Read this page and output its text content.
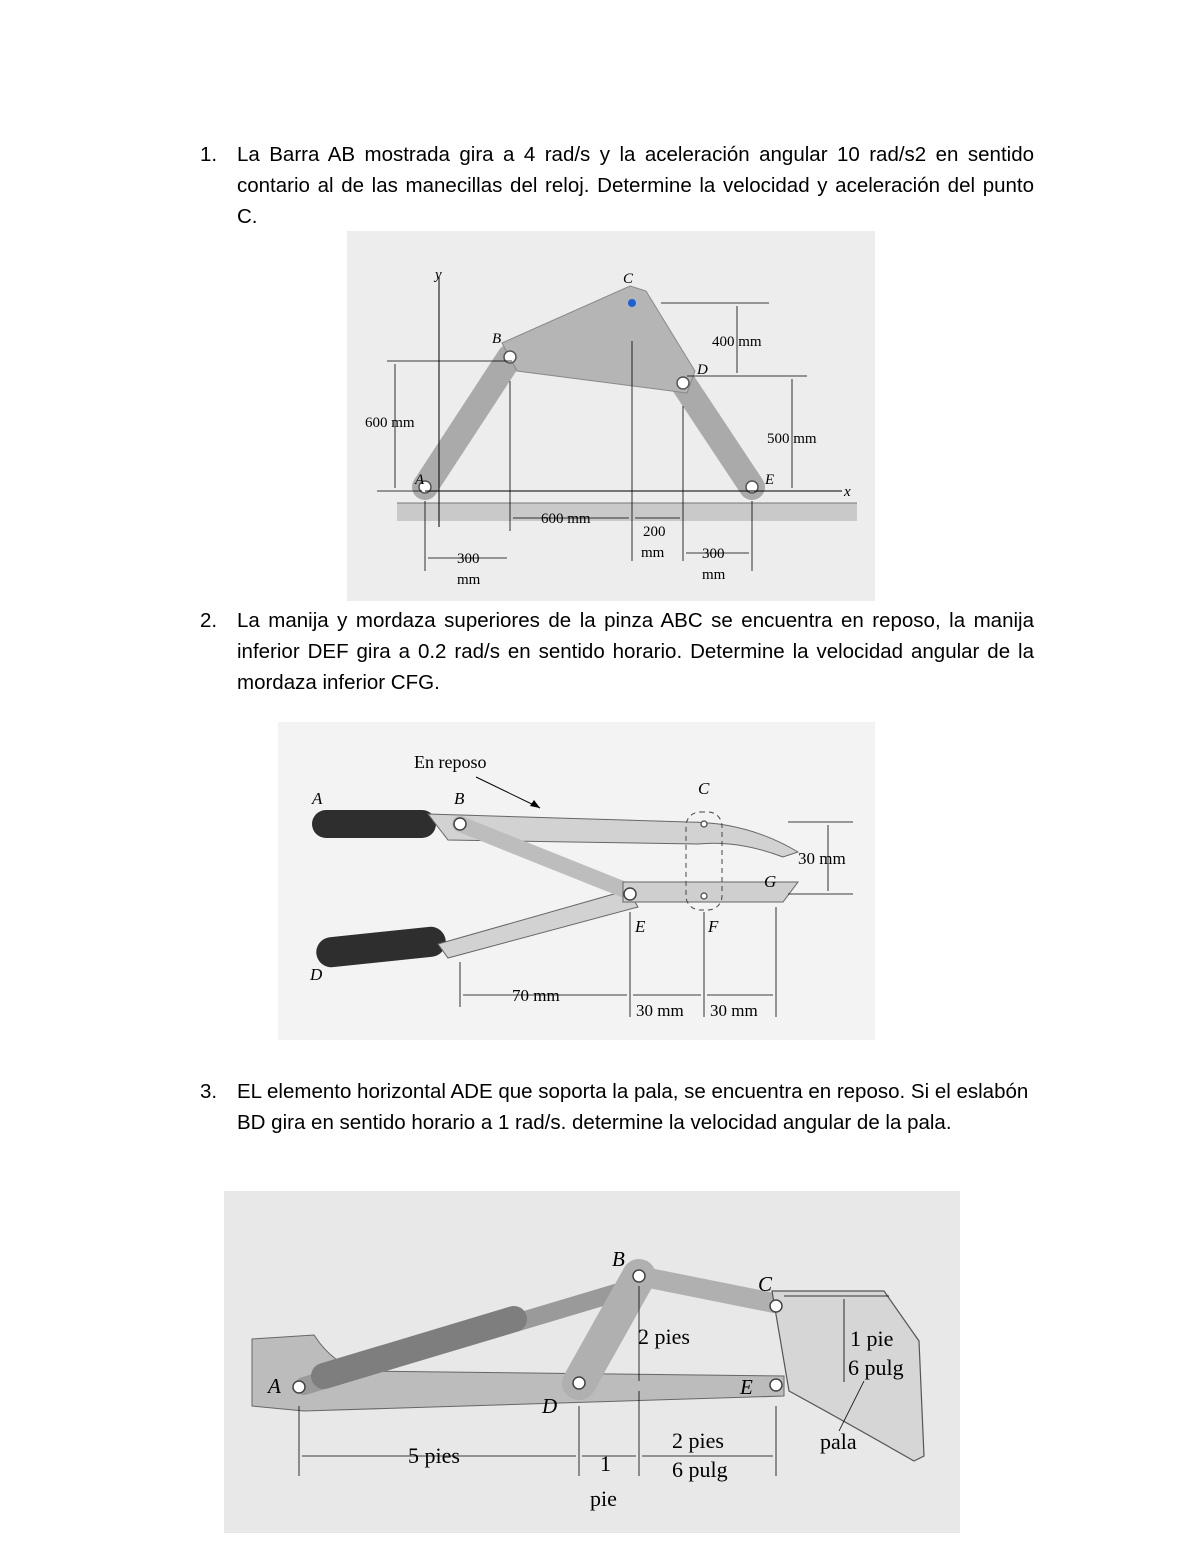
1. La Barra AB mostrada gira a 4 rad/s y la aceleración angular 10 rad/s2 en sentido contario al de las manecillas del reloj. Determine la velocidad y aceleración del punto C.
y
x
A
B
C
D
E
600 mm
400 mm
500 mm
600 mm
200
mm
300
mm
300
mm
2. La manija y mordaza superiores de la pinza ABC se encuentra en reposo, la manija inferior DEF gira a 0.2 rad/s en sentido horario. Determine la velocidad angular de la mordaza inferior CFG.
En reposo
A	B
C
D
E	F
G
30 mm
70 mm
30 mm 30 mm
3. EL elemento horizontal ADE que soporta la pala, se encuentra en reposo. Si el eslabón BD gira en sentido horario a 1 rad/s. determine la velocidad angular de la pala.
A
B
C
D
E
2 pies	1 pie
6 pulg
5 pies	1
pie
2 pies
6 pulg
pala
